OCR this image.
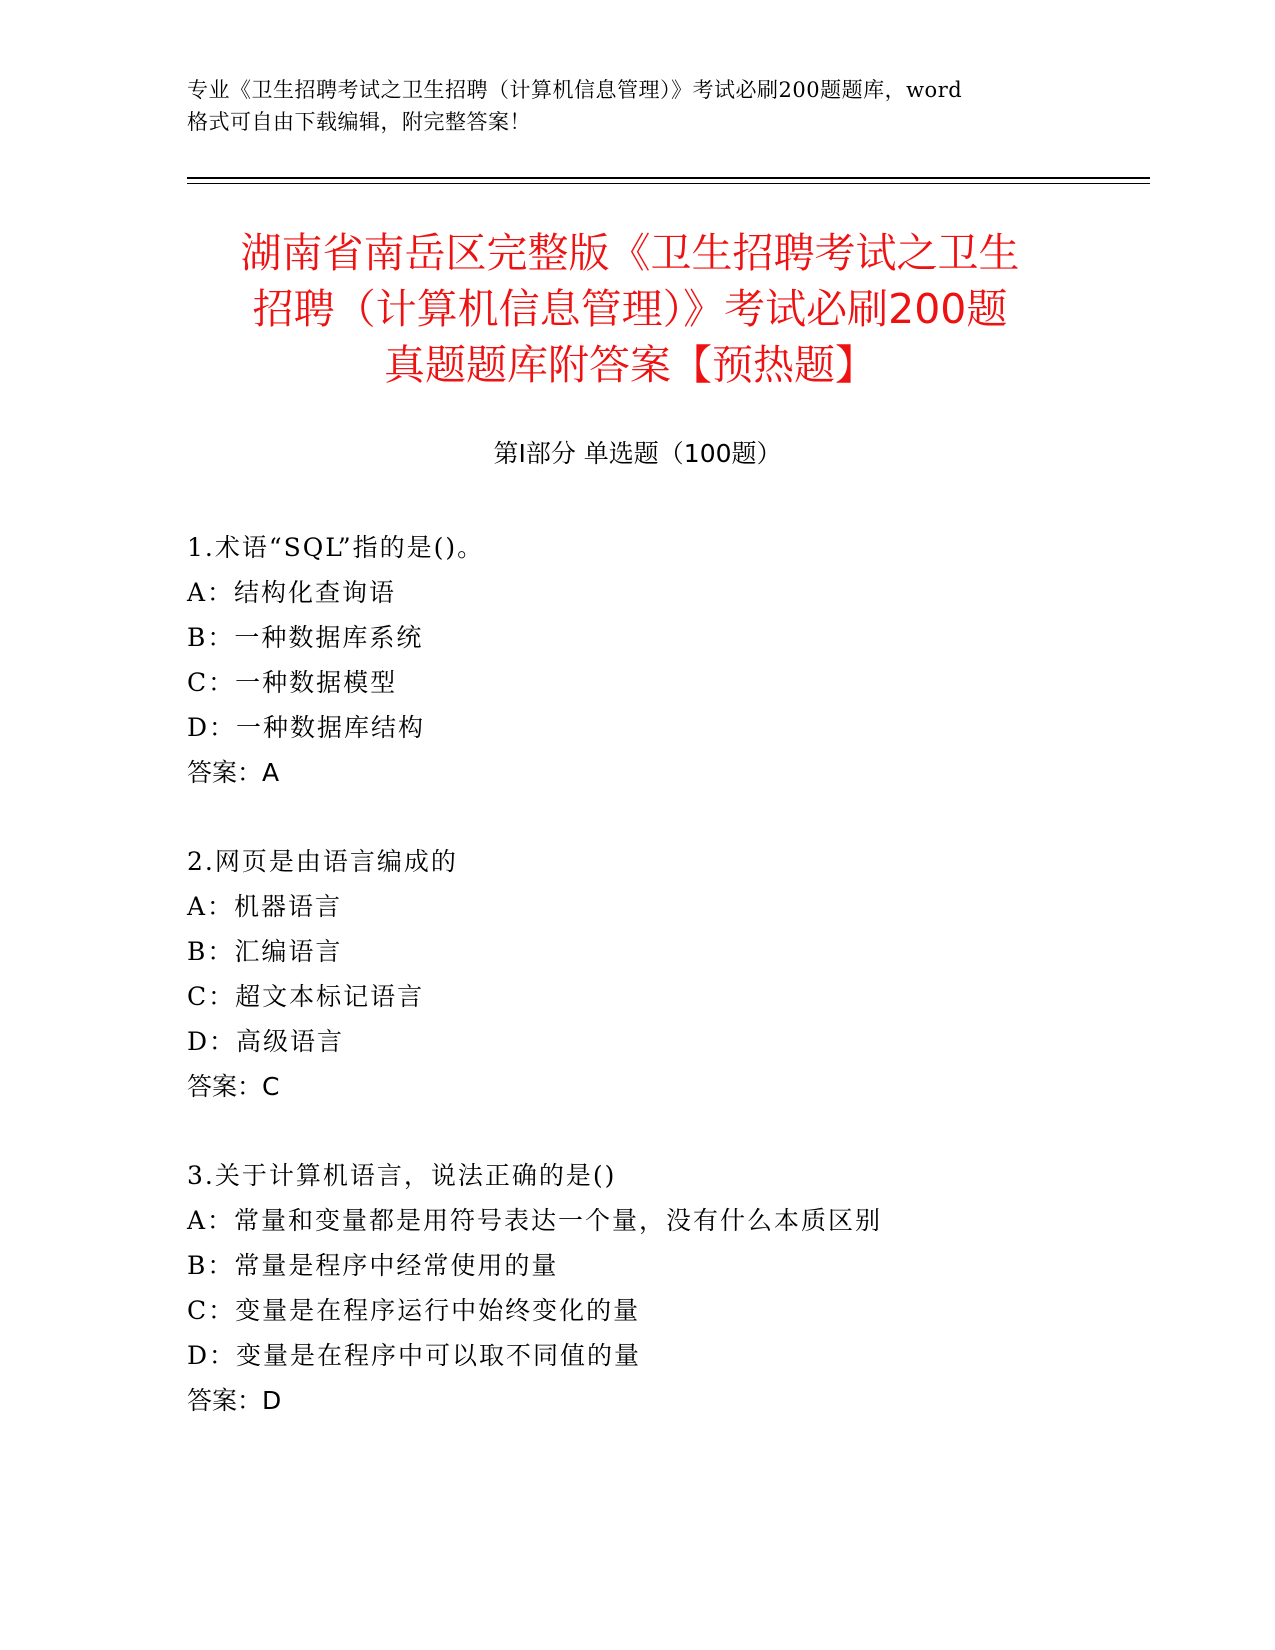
专业《卫生招聘考试之卫生招聘（计算机信息管理）》考试必刷200题题库，word
格式可自由下载编辑，附完整答案！
湖南省南岳区完整版《卫生招聘考试之卫生
招聘（计算机信息管理）》考试必刷200题
真题题库附答案【预热题】
第Ⅰ部分 单选题（100题）
1.术语“SQL”指的是()。
A：结构化查询语
B：一种数据库系统
C：一种数据模型
D：一种数据库结构
答案：A
2.网页是由语言编成的
A：机器语言
B：汇编语言
C：超文本标记语言
D：高级语言
答案：C
3.关于计算机语言，说法正确的是()
A：常量和变量都是用符号表达一个量，没有什么本质区别
B：常量是程序中经常使用的量
C：变量是在程序运行中始终变化的量
D：变量是在程序中可以取不同值的量
答案：D
